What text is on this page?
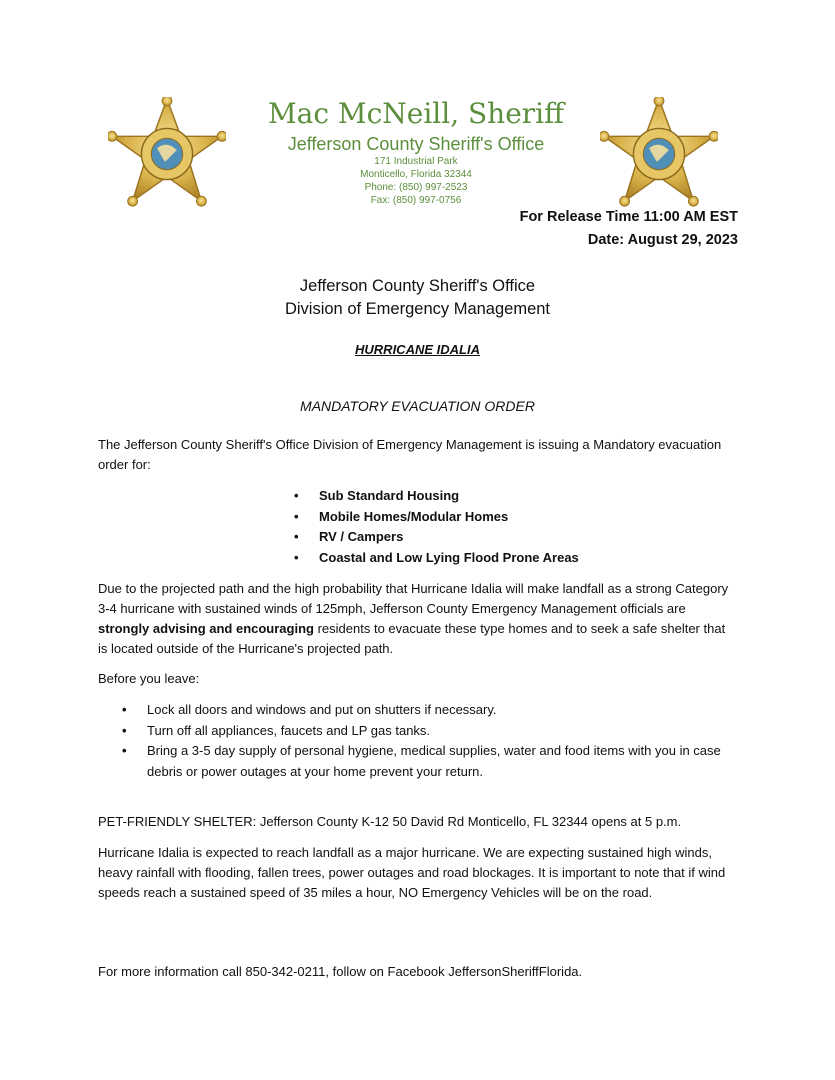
Mac McNeill, Sheriff
Jefferson County Sheriff's Office
171 Industrial Park
Monticello, Florida 32344
Phone: (850) 997-2523
Fax: (850) 997-0756
For Release Time 11:00 AM EST
Date: August 29, 2023
Jefferson County Sheriff's Office
Division of Emergency Management
HURRICANE IDALIA
MANDATORY EVACUATION ORDER
The Jefferson County Sheriff's Office Division of Emergency Management is issuing a Mandatory evacuation order for:
• Sub Standard Housing
• Mobile Homes/Modular Homes
• RV / Campers
• Coastal and Low Lying Flood Prone Areas
Due to the projected path and the high probability that Hurricane Idalia will make landfall as a strong Category 3-4 hurricane with sustained winds of 125mph, Jefferson County Emergency Management officials are strongly advising and encouraging residents to evacuate these type homes and to seek a safe shelter that is located outside of the Hurricane's projected path.
Before you leave:
• Lock all doors and windows and put on shutters if necessary.
• Turn off all appliances, faucets and LP gas tanks.
• Bring a 3-5 day supply of personal hygiene, medical supplies, water and food items with you in case debris or power outages at your home prevent your return.
PET-FRIENDLY SHELTER: Jefferson County K-12 50 David Rd Monticello, FL 32344 opens at 5 p.m.
Hurricane Idalia is expected to reach landfall as a major hurricane. We are expecting sustained high winds, heavy rainfall with flooding, fallen trees, power outages and road blockages. It is important to note that if wind speeds reach a sustained speed of 35 miles a hour, NO Emergency Vehicles will be on the road.
For more information call 850-342-0211, follow on Facebook JeffersonSheriffFlorida.
